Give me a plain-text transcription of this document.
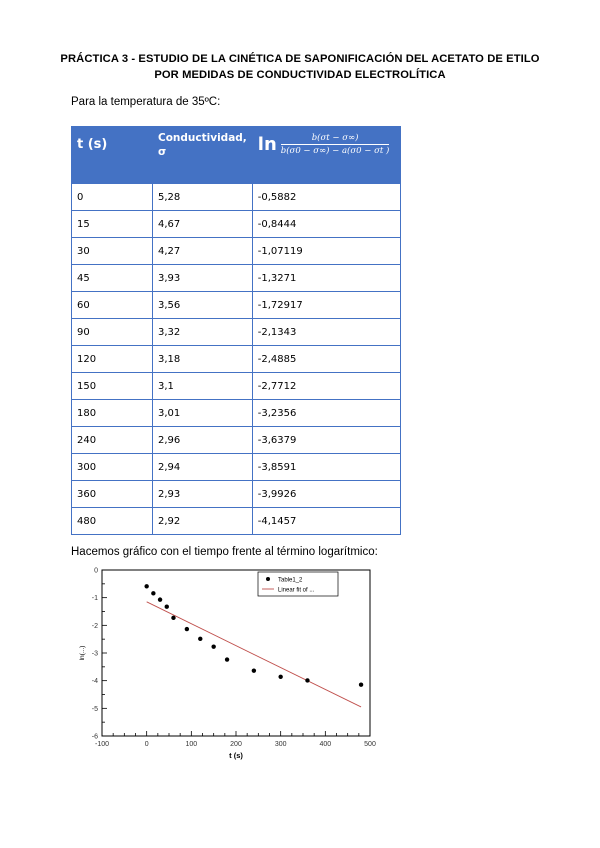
PRÁCTICA 3 - ESTUDIO DE LA CINÉTICA DE SAPONIFICACIÓN DEL ACETATO DE ETILO POR MEDIDAS DE CONDUCTIVIDAD ELECTROLÍTICA
Para la temperatura de 35ºC:
t (s)	Conductividad, σ	$\ln \frac{b(\sigma t - \sigma\infty)}{b(\sigma 0 - \sigma\infty) - a(\sigma 0 - \sigma t )}$

0	5,28	-0,5882
15	4,67	-0,8444
30	4,27	-1,07119
45	3,93	-1,3271
60	3,56	-1,72917
90	3,32	-2,1343
120	3,18	-2,4885
150	3,1	-2,7712
180	3,01	-3,2356
240	2,96	-3,6379
300	2,94	-3,8591
360	2,93	-3,9926
480	2,92	-4,1457
Hacemos gráfico con el tiempo frente al término logarítmico:
-100	0	100	200	300	400	500
0
-1
-2
-3
-4
-5
-6
t (s)
ln(...)
Table1_2
Linear fit of ...
